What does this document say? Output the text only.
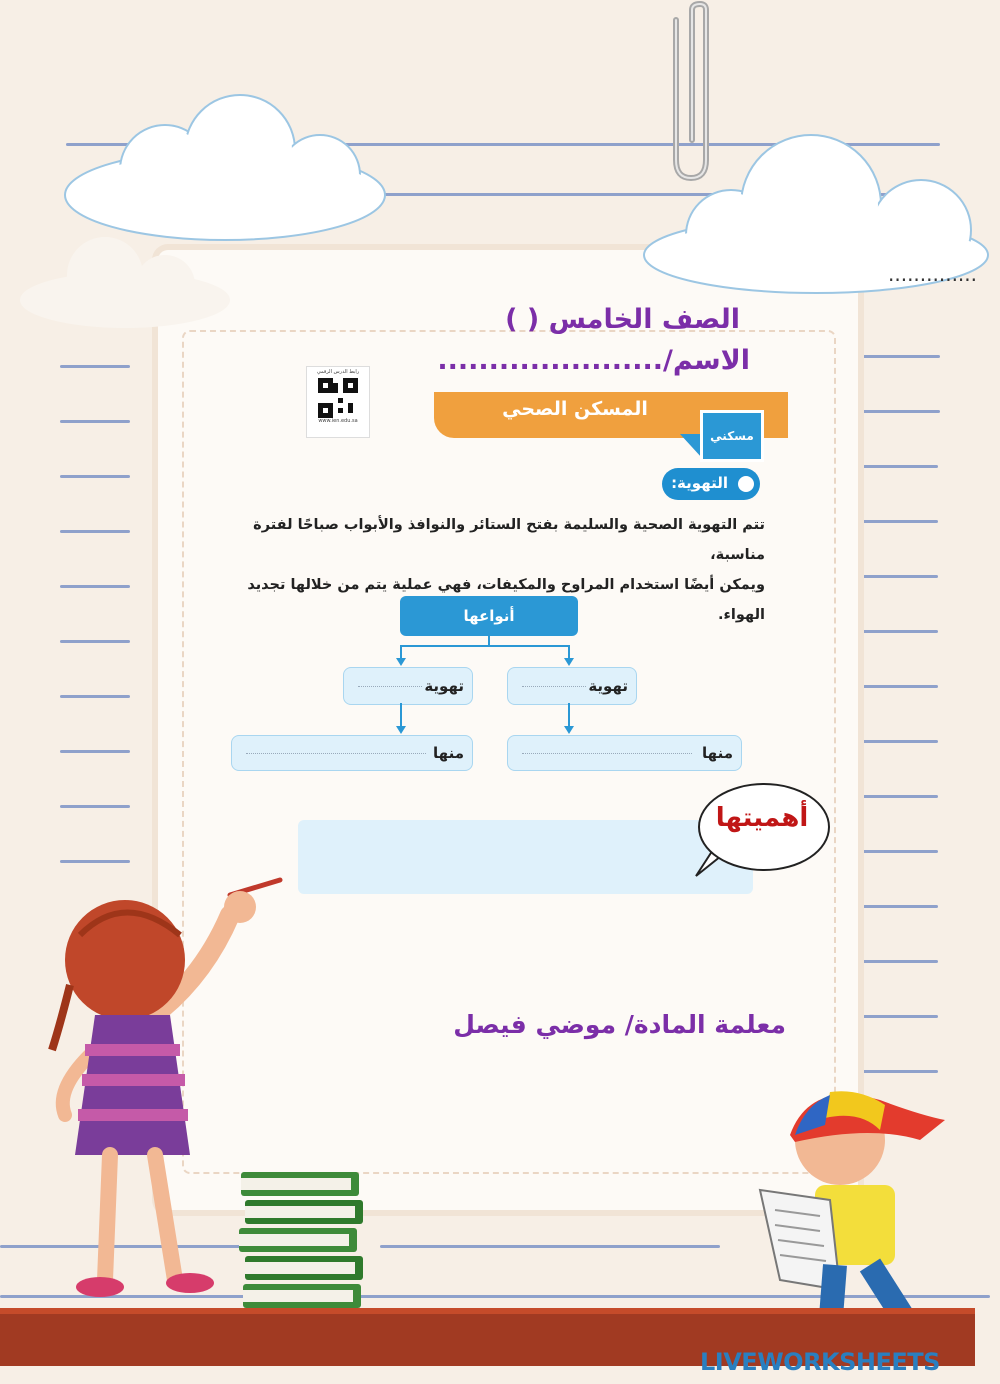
..............
الصف الخامس ( )
الاسم/......................
رابط الدرس الرقمي
www.ien.edu.sa
المسكن الصحي
مسكني
التهوية:
تتم التهوية الصحية والسليمة بفتح الستائر والنوافذ والأبواب صباحًا لفترة مناسبة،
ويمكن أيضًا استخدام المراوح والمكيفات، فهي عملية يتم من خلالها تجديد الهواء.
أنواعها
تهوية
تهوية
منها
منها
أهميتها
معلمة المادة/ موضي فيصل
LIVEWORKSHEETS
